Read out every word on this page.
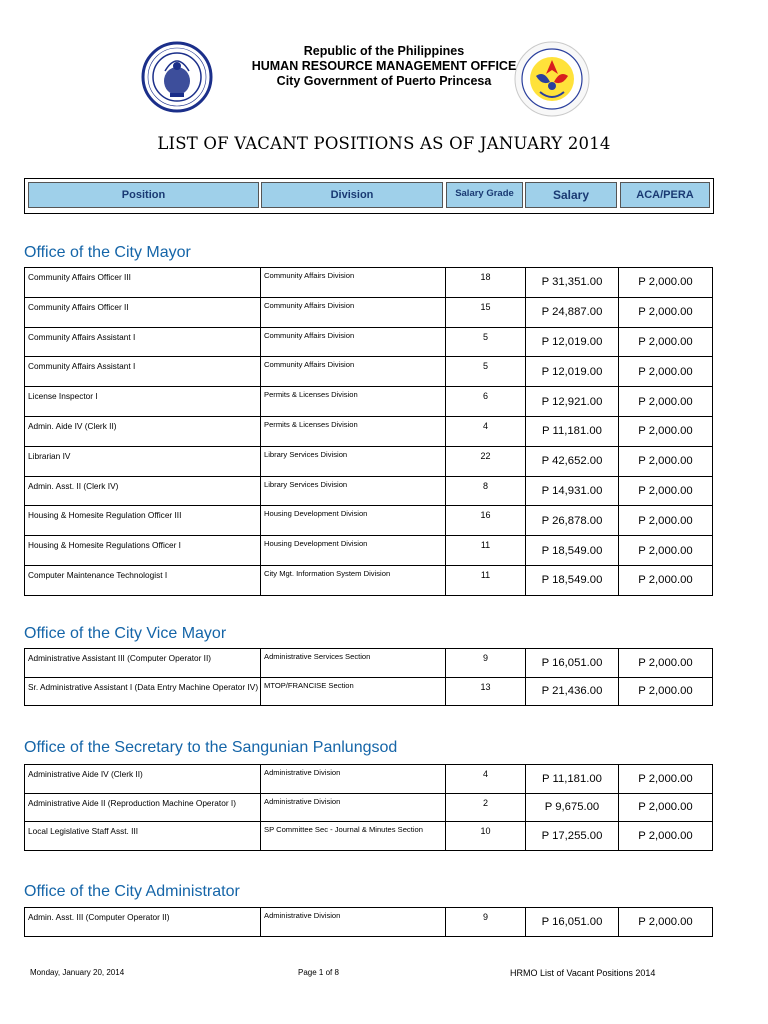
Republic of the Philippines
HUMAN RESOURCE MANAGEMENT OFFICE
City Government of Puerto Princesa
LIST OF VACANT POSITIONS AS OF JANUARY 2014
Position	Division	Salary Grade	Salary	ACA/PERA
Office of the City Mayor
Community Affairs Officer III	Community Affairs Division	18	P 31,351.00	P 2,000.00
Community Affairs Officer II	Community Affairs Division	15	P 24,887.00	P 2,000.00
Community Affairs Assistant I	Community Affairs Division	5	P 12,019.00	P 2,000.00
Community Affairs Assistant I	Community Affairs Division	5	P 12,019.00	P 2,000.00
License Inspector I	Permits & Licenses Division	6	P 12,921.00	P 2,000.00
Admin. Aide IV (Clerk II)	Permits & Licenses Division	4	P 11,181.00	P 2,000.00
Librarian IV	Library Services Division	22	P 42,652.00	P 2,000.00
Admin. Asst. II (Clerk IV)	Library Services Division	8	P 14,931.00	P 2,000.00
Housing & Homesite Regulation Officer III	Housing Development Division	16	P 26,878.00	P 2,000.00
Housing & Homesite Regulations Officer I	Housing Development Division	11	P 18,549.00	P 2,000.00
Computer Maintenance Technologist I	City Mgt. Information System Division	11	P 18,549.00	P 2,000.00
Office of the City Vice Mayor
Administrative Assistant III (Computer Operator II)	Administrative Services Section	9	P 16,051.00	P 2,000.00
Sr. Administrative Assistant I (Data Entry Machine Operator IV)	MTOP/FRANCISE Section	13	P 21,436.00	P 2,000.00
Office of the Secretary to the Sangunian Panlungsod
Administrative Aide IV (Clerk II)	Administrative Division	4	P 11,181.00	P 2,000.00
Administrative Aide II (Reproduction Machine Operator I)	Administrative Division	2	P 9,675.00	P 2,000.00
Local Legislative Staff Asst. III	SP Committee Sec - Journal & Minutes Section	10	P 17,255.00	P 2,000.00
Office of the City Administrator
Admin. Asst. III (Computer Operator II)	Administrative Division	9	P 16,051.00	P 2,000.00
Monday, January 20, 2014	Page 1 of 8	HRMO List of Vacant Positions 2014
